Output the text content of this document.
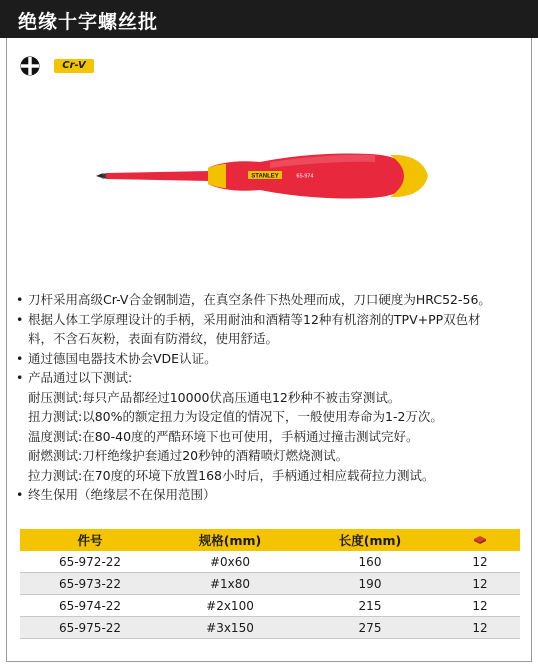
绝缘十字螺丝批
Cr-V
STANLEY	65-974
• 刀杆采用高级Cr-V合金钢制造，在真空条件下热处理而成，刀口硬度为HRC52-56。
• 根据人体工学原理设计的手柄，采用耐油和酒精等12种有机溶剂的TPV+PP双色材
料，不含石灰粉，表面有防滑纹，使用舒适。
• 通过德国电器技术协会VDE认证。
• 产品通过以下测试:
耐压测试:每只产品都经过10000伏高压通电12秒种不被击穿测试。
扭力测试:以80%的额定扭力为设定值的情况下，一般使用寿命为1-2万次。
温度测试:在80-40度的严酷环境下也可使用，手柄通过撞击测试完好。
耐燃测试:刀杆绝缘护套通过20秒钟的酒精喷灯燃烧测试。
拉力测试:在70度的环境下放置168小时后，手柄通过相应载荷拉力测试。
• 终生保用（绝缘层不在保用范围）
件号	规格(mm)	长度(mm)	
65-972-22	#0x60	160	12
65-973-22	#1x80	190	12
65-974-22	#2x100	215	12
65-975-22	#3x150	275	12
